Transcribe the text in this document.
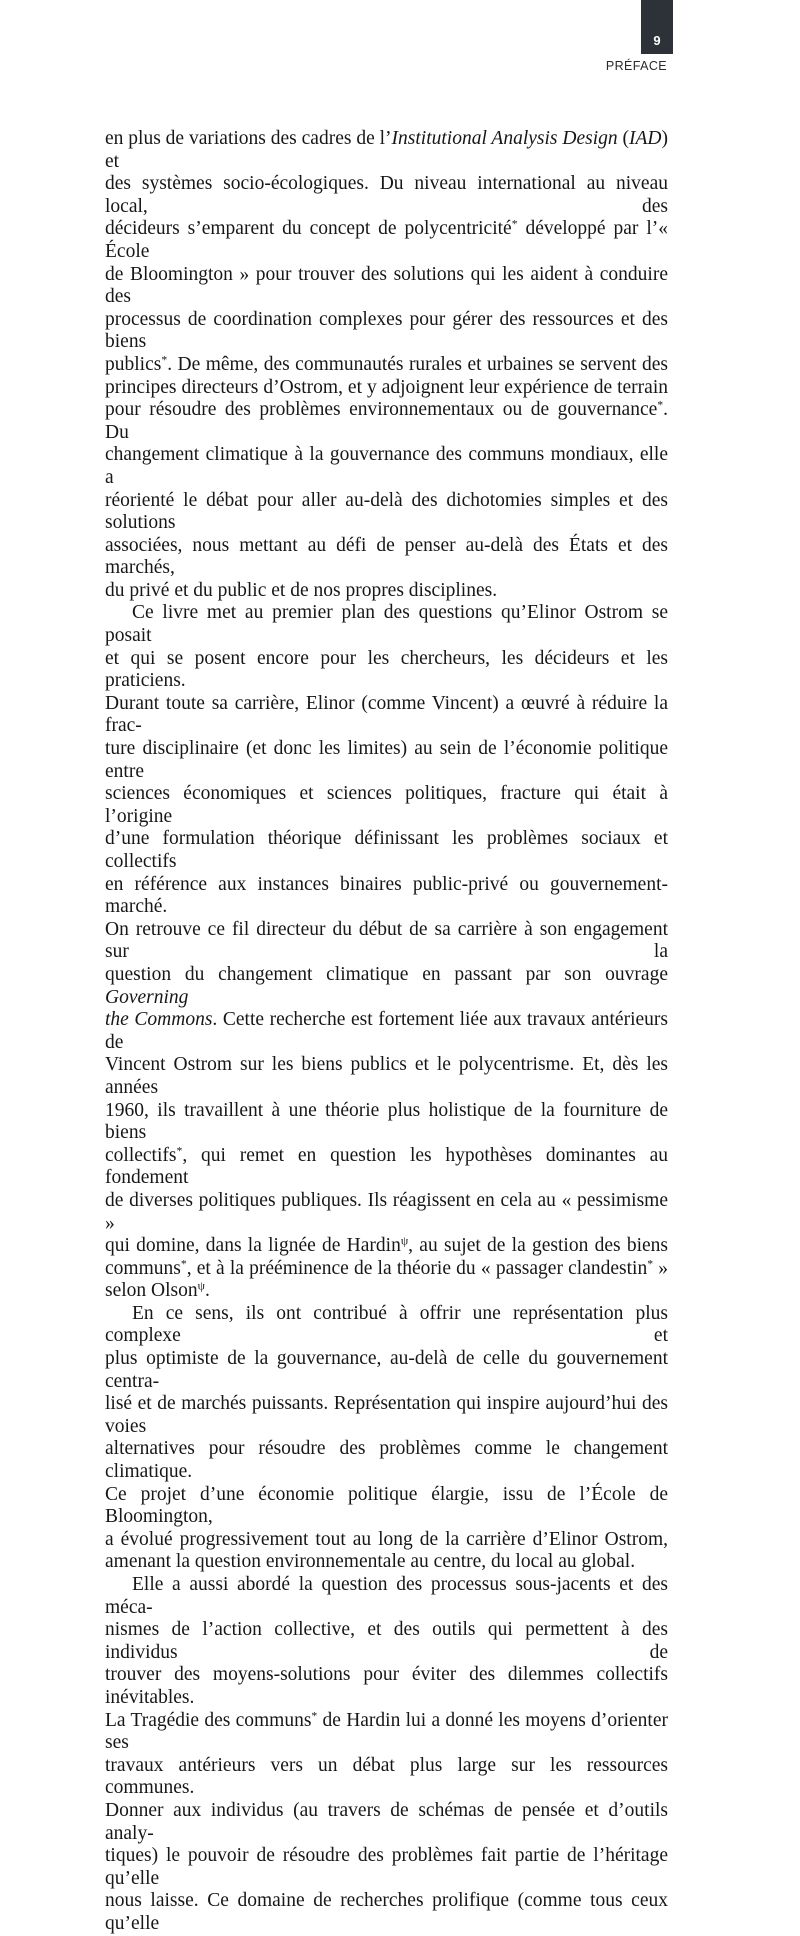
9
PRÉFACE
en plus de variations des cadres de l’Institutional Analysis Design (IAD) et
des systèmes socio-écologiques. Du niveau international au niveau local, des
décideurs s’emparent du concept de polycentricité* développé par l’« École
de Bloomington » pour trouver des solutions qui les aident à conduire des
processus de coordination complexes pour gérer des ressources et des biens
publics*. De même, des communautés rurales et urbaines se servent des
principes directeurs d’Ostrom, et y adjoignent leur expérience de terrain
pour résoudre des problèmes environnementaux ou de gouvernance*. Du
changement climatique à la gouvernance des communs mondiaux, elle a
réorienté le débat pour aller au-delà des dichotomies simples et des solutions
associées, nous mettant au défi de penser au-delà des États et des marchés,
du privé et du public et de nos propres disciplines.
Ce livre met au premier plan des questions qu’Elinor Ostrom se posait
et qui se posent encore pour les chercheurs, les décideurs et les praticiens.
Durant toute sa carrière, Elinor (comme Vincent) a œuvré à réduire la frac-
ture disciplinaire (et donc les limites) au sein de l’économie politique entre
sciences économiques et sciences politiques, fracture qui était à l’origine
d’une formulation théorique définissant les problèmes sociaux et collectifs
en référence aux instances binaires public-privé ou gouvernement-marché.
On retrouve ce fil directeur du début de sa carrière à son engagement sur la
question du changement climatique en passant par son ouvrage Governing
the Commons. Cette recherche est fortement liée aux travaux antérieurs de
Vincent Ostrom sur les biens publics et le polycentrisme. Et, dès les années
1960, ils travaillent à une théorie plus holistique de la fourniture de biens
collectifs*, qui remet en question les hypothèses dominantes au fondement
de diverses politiques publiques. Ils réagissent en cela au « pessimisme »
qui domine, dans la lignée de Hardin$^\psi$, au sujet de la gestion des biens
communs*, et à la prééminence de la théorie du « passager clandestin* »
selon Olson$^\psi$.
En ce sens, ils ont contribué à offrir une représentation plus complexe et
plus optimiste de la gouvernance, au-delà de celle du gouvernement centra-
lisé et de marchés puissants. Représentation qui inspire aujourd’hui des voies
alternatives pour résoudre des problèmes comme le changement climatique.
Ce projet d’une économie politique élargie, issu de l’École de Bloomington,
a évolué progressivement tout au long de la carrière d’Elinor Ostrom,
amenant la question environnementale au centre, du local au global.
Elle a aussi abordé la question des processus sous-jacents et des méca-
nismes de l’action collective, et des outils qui permettent à des individus de
trouver des moyens-solutions pour éviter des dilemmes collectifs inévitables.
La Tragédie des communs* de Hardin lui a donné les moyens d’orienter ses
travaux antérieurs vers un débat plus large sur les ressources communes.
Donner aux individus (au travers de schémas de pensée et d’outils analy-
tiques) le pouvoir de résoudre des problèmes fait partie de l’héritage qu’elle
nous laisse. Ce domaine de recherches prolifique (comme tous ceux qu’elle
